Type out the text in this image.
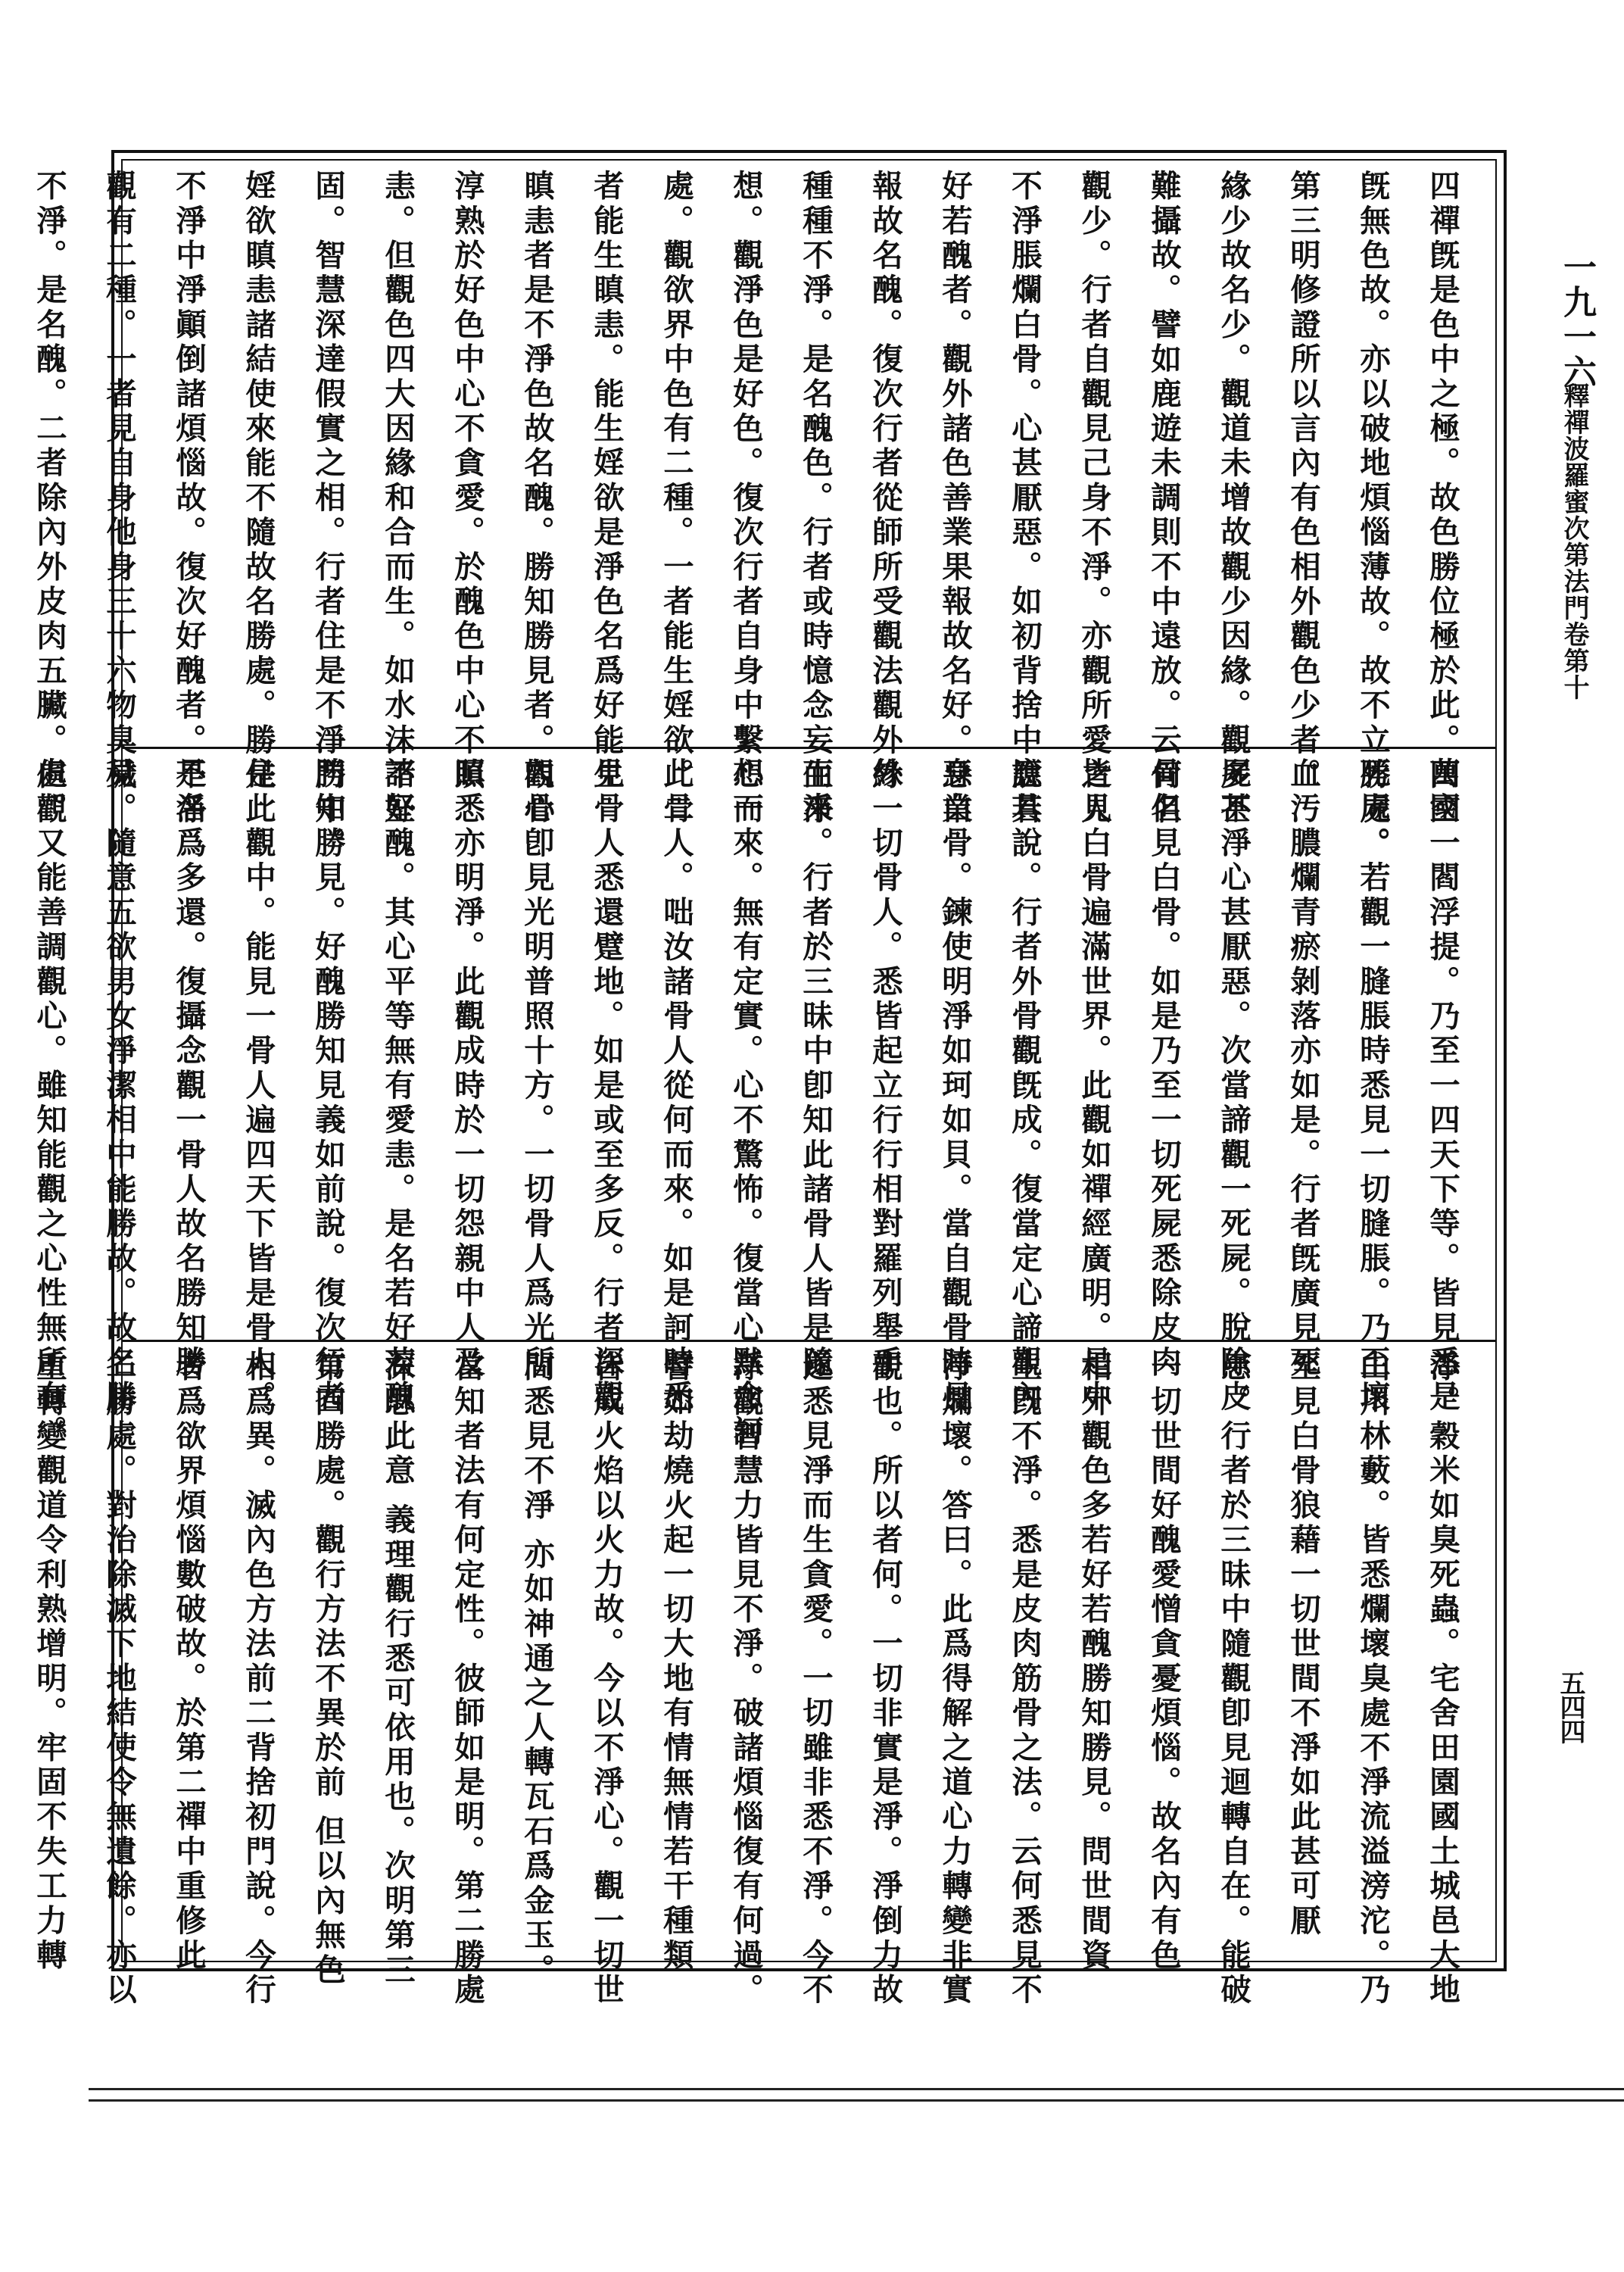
四禪旣是色中之極。故色勝位極於此。四空
旣無色故。亦以破地煩惱薄故。故不立勝處。
第三明修證所以言內有色相外觀色少者。
緣少故名少。觀道未增故觀少因緣。觀多甚
難攝故。譬如鹿遊未調則不中遠放。云何名
觀少。行者自觀見己身不淨。亦觀所愛之人
不淨脹爛白骨。心甚厭惡。如初背捨中說若
好若醜者。觀外諸色善業果報故名好。惡業
報故名醜。復次行者從師所受觀法觀外緣
種種不淨。是名醜色。行者或時憶念妄生淨
想。觀淨色是好色。復次行者自身中繫心一
處。觀欲界中色有二種。一者能生婬欲。二
者能生瞋恚。能生婬欲是淨色名爲好能生
瞋恚者是不淨色故名醜。勝知勝見者。觀心
淳熟於好色中心不貪愛。於醜色中心不瞋
恚。但觀色四大因緣和合而生。如水沫不堅
固。智慧深達假實之相。行者住是不淨門中。
婬欲瞋恚諸結使來能不隨故名勝處。勝是
不淨中淨顚倒諸煩惱故。復次好醜者。不淨
觀有二種。一者見自身他身三十六物臭穢
不淨。是名醜。二者除內外皮肉五臟。但觀
萬國一閻浮提。乃至一四天下等。皆見悉是
死屍。若觀一膖脹時悉見一切膖脹。乃至壞
血汚膿爛青瘀剝落亦如是。行者旣廣見死
屍不淨心甚厭惡。次當諦觀一死屍。脫除皮
骨但見白骨。如是乃至一切死屍悉除皮肉
皆見白骨遍滿世界。此觀如禪經廣明。是中
應具說。行者外骨觀旣成。復當定心諦觀內
身白骨。鍊使明淨如珂如貝。當自觀骨時見
外一切骨人。悉皆起立行行相對羅列舉手
而來。行者於三昧中卽知此諸骨人皆是隨
想而來。無有定實。心不驚怖。復當心默念訶
此骨人。咄汝諸骨人從何而來。如是訶時悉
見骨人悉還躄地。如是或至多反。行者深觀
內骨卽見光明普照十方。一切骨人爲光所
照悉亦明淨。此觀成時於一切怨親中人及
諸好醜。其心平等無有愛恚。是名若好若醜
勝知勝見。好醜勝知見義如前說。復次行者
住此觀中。能見一骨人遍四天下皆是骨人。
是名爲多還。復攝念觀一骨人故名勝知勝
見。隨意五欲男女淨潔相中能勝故。故名勝
處。又能善調觀心。雖知能觀之心性無所有。
淨。穀米如臭死蟲。宅舍田園國土城邑大地
山川林藪。皆悉爛壞臭處不淨流溢滂沱。乃
至見白骨狼藉一切世間不淨如此甚可厭
患。行者於三昧中隨觀卽見迴轉自在。能破
一切世間好醜愛憎貪憂煩惱。故名內有色
相外觀色多若好若醜勝知勝見。問世間資
生旣不淨。悉是皮肉筋骨之法。云何悉見不
淨爛壞。答曰。此爲得解之道心力轉變非實
觀也。所以者何。一切非實是淨。淨倒力故
遂悉見淨而生貪愛。一切雖非悉不淨。今不
淨觀智慧力皆見不淨。破諸煩惱復有何過。
譬如劫燒火起一切大地有情無情若干種類
皆成火焰以火力故。今以不淨心。觀一切世
間悉見不淨 亦如神通之人轉瓦石爲金玉。
當知者法有何定性。彼師如是明。第二勝處
深思此意 義理觀行悉可依用也。次明第三
第四勝處。觀行方法不異於前 但以內無色
相爲異。滅內色方法前二背捨初門說。今行
者爲欲界煩惱數破故。於第二禪中重修此
二勝處。對治除滅下地結使令無遺餘。亦以
重轉變觀道令利熟增明。牢固不失工力轉
一九一六
釋禪波羅蜜次第法門卷第十
五四四
